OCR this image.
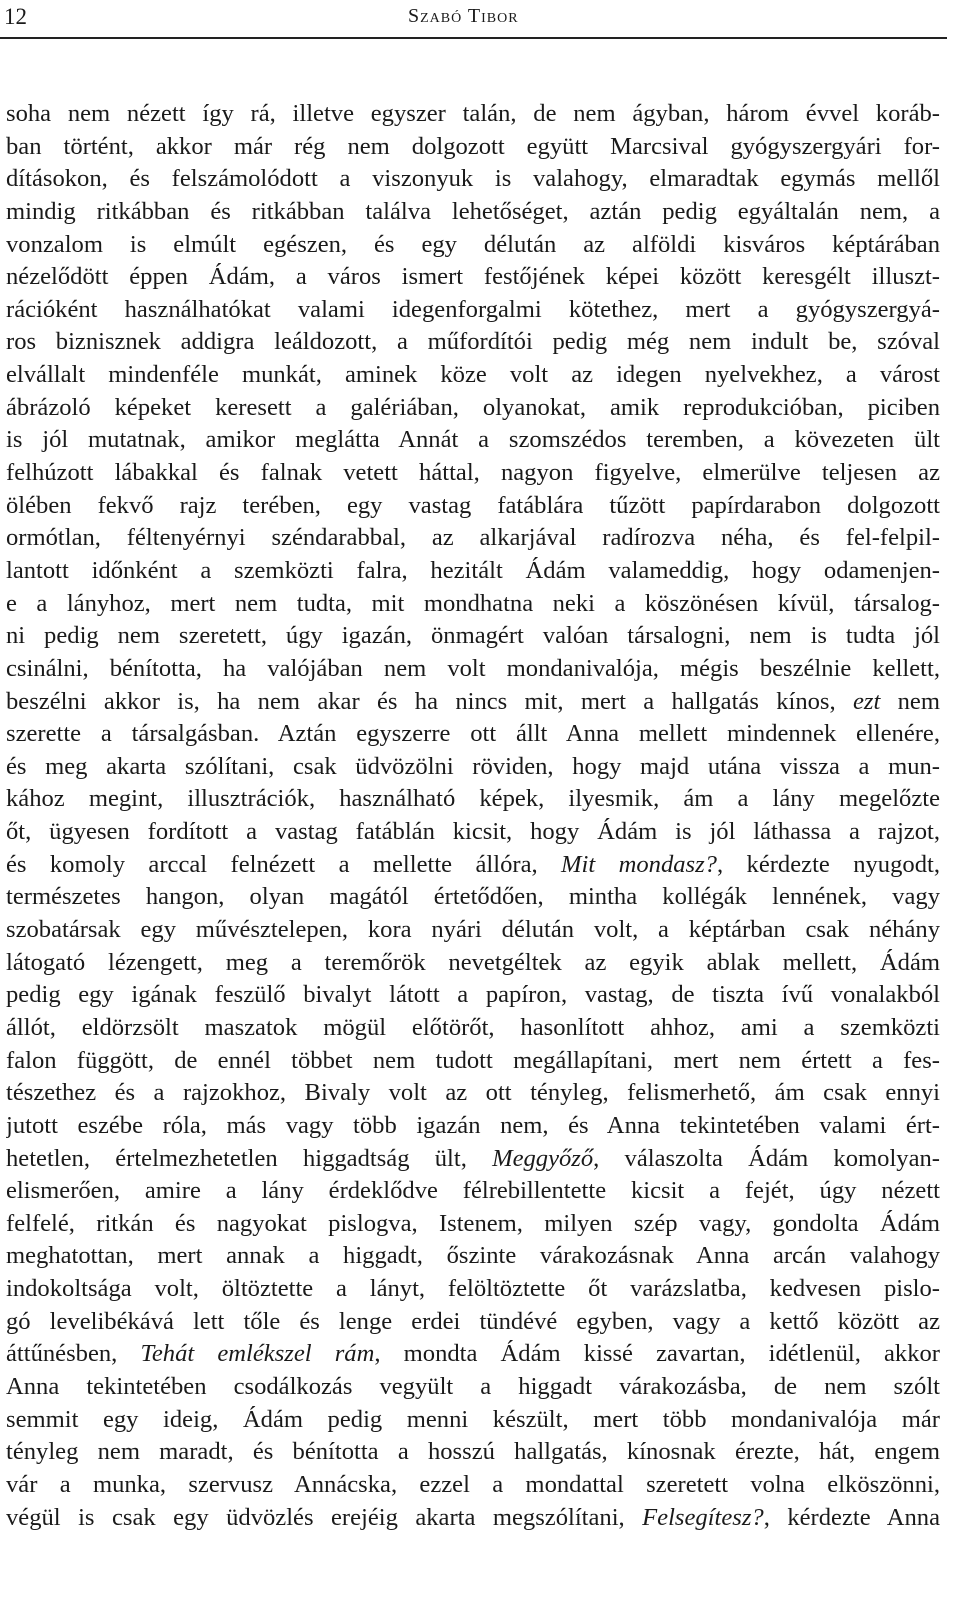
12	Szabó Tibor
soha nem nézett így rá, illetve egyszer talán, de nem ágyban, három évvel koráb-
ban történt, akkor már rég nem dolgozott együtt Marcsival gyógyszergyári for-
dításokon, és felszámolódott a viszonyuk is valahogy, elmaradtak egymás mellől
mindig ritkábban és ritkábban találva lehetőséget, aztán pedig egyáltalán nem, a
vonzalom is elmúlt egészen, és egy délután az alföldi kisváros képtárában
nézelődött éppen Ádám, a város ismert festőjének képei között keresgélt illuszt-
rációként használhatókat valami idegenforgalmi kötethez, mert a gyógyszergyá-
ros biznisznek addigra leáldozott, a műfordítói pedig még nem indult be, szóval
elvállalt mindenféle munkát, aminek köze volt az idegen nyelvekhez, a várost
ábrázoló képeket keresett a galériában, olyanokat, amik reprodukcióban, piciben
is jól mutatnak, amikor meglátta Annát a szomszédos teremben, a kövezeten ült
felhúzott lábakkal és falnak vetett háttal, nagyon figyelve, elmerülve teljesen az
ölében fekvő rajz terében, egy vastag fatáblára tűzött papírdarabon dolgozott
ormótlan, féltenyérnyi széndarabbal, az alkarjával radírozva néha, és fel-felpil-
lantott időnként a szemközti falra, hezitált Ádám valameddig, hogy odamenjen-
e a lányhoz, mert nem tudta, mit mondhatna neki a köszönésen kívül, társalog-
ni pedig nem szeretett, úgy igazán, önmagért valóan társalogni, nem is tudta jól
csinálni, bénította, ha valójában nem volt mondanivalója, mégis beszélnie kellett,
beszélni akkor is, ha nem akar és ha nincs mit, mert a hallgatás kínos, ezt nem
szerette a társalgásban. Aztán egyszerre ott állt Anna mellett mindennek ellenére,
és meg akarta szólítani, csak üdvözölni röviden, hogy majd utána vissza a mun-
kához megint, illusztrációk, használható képek, ilyesmik, ám a lány megelőzte
őt, ügyesen fordított a vastag fatáblán kicsit, hogy Ádám is jól láthassa a rajzot,
és komoly arccal felnézett a mellette állóra, Mit mondasz?, kérdezte nyugodt,
természetes hangon, olyan magától értetődően, mintha kollégák lennének, vagy
szobatársak egy művésztelepen, kora nyári délután volt, a képtárban csak néhány
látogató lézengett, meg a teremőrök nevetgéltek az egyik ablak mellett, Ádám
pedig egy igának feszülő bivalyt látott a papíron, vastag, de tiszta ívű vonalakból
állót, eldörzsölt maszatok mögül előtörőt, hasonlított ahhoz, ami a szemközti
falon függött, de ennél többet nem tudott megállapítani, mert nem értett a fes-
tészethez és a rajzokhoz, Bivaly volt az ott tényleg, felismerhető, ám csak ennyi
jutott eszébe róla, más vagy több igazán nem, és Anna tekintetében valami ért-
hetetlen, értelmezhetetlen higgadtság ült, Meggyőző, válaszolta Ádám komolyan-
elismerően, amire a lány érdeklődve félrebillentette kicsit a fejét, úgy nézett
felfelé, ritkán és nagyokat pislogva, Istenem, milyen szép vagy, gondolta Ádám
meghatottan, mert annak a higgadt, őszinte várakozásnak Anna arcán valahogy
indokoltsága volt, öltöztette a lányt, felöltöztette őt varázslatba, kedvesen pislo-
gó levelibékává lett tőle és lenge erdei tündévé egyben, vagy a kettő között az
áttűnésben, Tehát emlékszel rám, mondta Ádám kissé zavartan, idétlenül, akkor
Anna tekintetében csodálkozás vegyült a higgadt várakozásba, de nem szólt
semmit egy ideig, Ádám pedig menni készült, mert több mondanivalója már
tényleg nem maradt, és bénította a hosszú hallgatás, kínosnak érezte, hát, engem
vár a munka, szervusz Annácska, ezzel a mondattal szeretett volna elköszönni,
végül is csak egy üdvözlés erejéig akarta megszólítani, Felsegítesz?, kérdezte Anna
